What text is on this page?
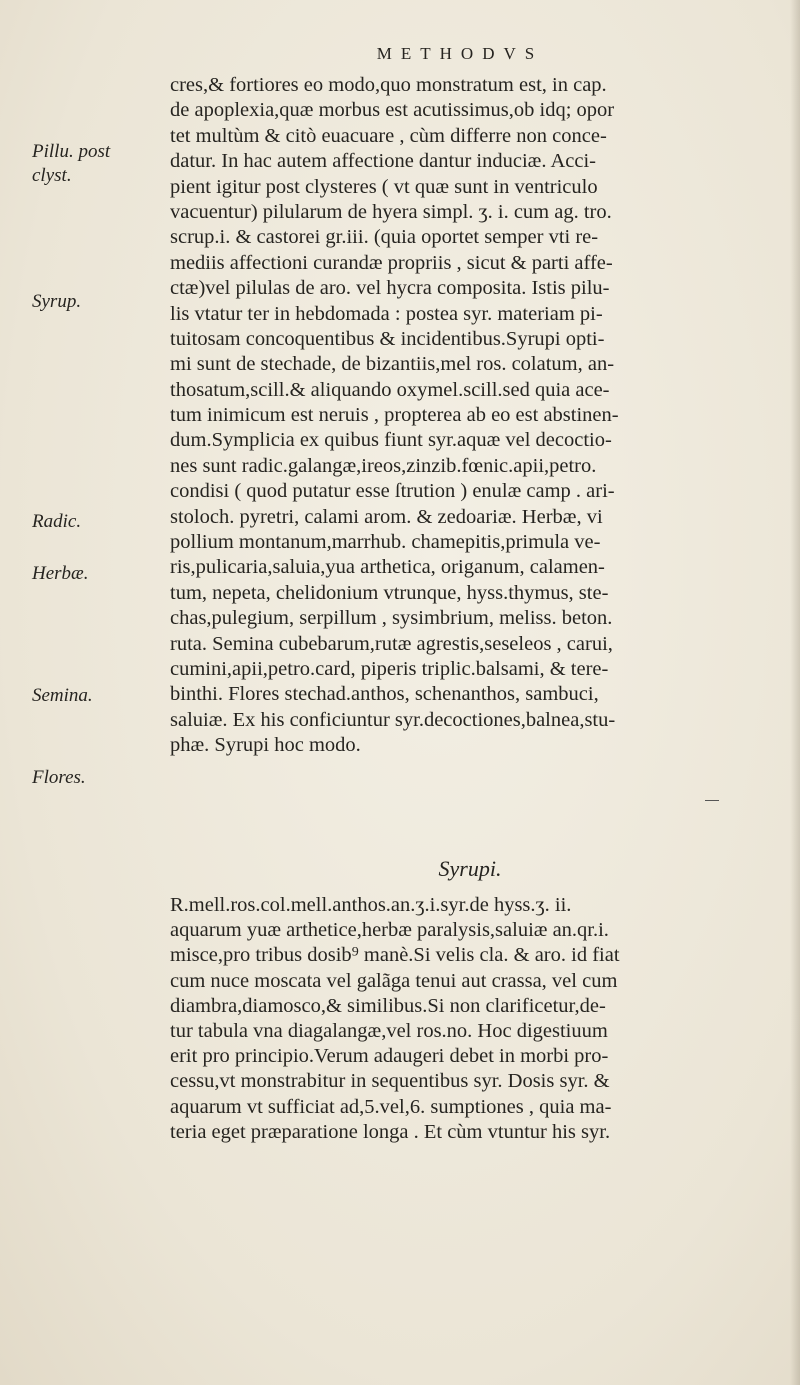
METHODVS
Pillu. post
clyst.
Syrup.
Radic.
Herbæ.
Semina.
Flores.
cres,& fortiores eo modo,quo monstratum est, in cap.
de apoplexia,quæ morbus est acutissimus,ob idq; opor
tet multùm & citò euacuare , cùm differre non conce-
datur. In hac autem affectione dantur induciæ. Acci-
pient igitur post clysteres ( vt quæ sunt in ventriculo
vacuentur) pilularum de hyera simpl. ʒ. i. cum ag. tro.
scrup.i. & castorei gr.iii. (quia oportet semper vti re-
mediis affectioni curandæ propriis , sicut & parti affe-
ctæ)vel pilulas de aro. vel hycra composita. Istis pilu-
lis vtatur ter in hebdomada : postea syr. materiam pi-
tuitosam concoquentibus & incidentibus.Syrupi opti-
mi sunt de stechade, de bizantiis,mel ros. colatum, an-
thosatum,scill.& aliquando oxymel.scill.sed quia ace-
tum inimicum est neruis , propterea ab eo est abstinen-
dum.Symplicia ex quibus fiunt syr.aquæ vel decoctio-
nes sunt radic.galangæ,ireos,zinzib.fœnic.apii,petro.
condisi ( quod putatur esse ſtrution ) enulæ camp . ari-
stoloch. pyretri, calami arom. & zedoariæ. Herbæ, vi
pollium montanum,marrhub. chamepitis,primula ve-
ris,pulicaria,saluia,yua arthetica, origanum, calamen-
tum, nepeta, chelidonium vtrunque, hyss.thymus, ste-
chas,pulegium, serpillum , sysimbrium, meliss. beton.
ruta. Semina cubebarum,rutæ agrestis,seseleos , carui,
cumini,apii,petro.card, piperis triplic.balsami, & tere-
binthi. Flores stechad.anthos, schenanthos, sambuci,
saluiæ. Ex his conficiuntur syr.decoctiones,balnea,stu-
phæ. Syrupi hoc modo.
Syrupi.
R.mell.ros.col.mell.anthos.an.ʒ.i.syr.de hyss.ʒ. ii.
aquarum yuæ arthetice,herbæ paralysis,saluiæ an.qr.i.
misce,pro tribus dosib⁹ manè.Si velis cla. & aro. id fiat
cum nuce moscata vel galãga tenui aut crassa, vel cum
diambra,diamosco,& similibus.Si non clarificetur,de-
tur tabula vna diagalangæ,vel ros.no. Hoc digestiuum
erit pro principio.Verum adaugeri debet in morbi pro-
cessu,vt monstrabitur in sequentibus syr. Dosis syr. &
aquarum vt sufficiat ad,5.vel,6. sumptiones , quia ma-
teria eget præparatione longa . Et cùm vtuntur his syr.
